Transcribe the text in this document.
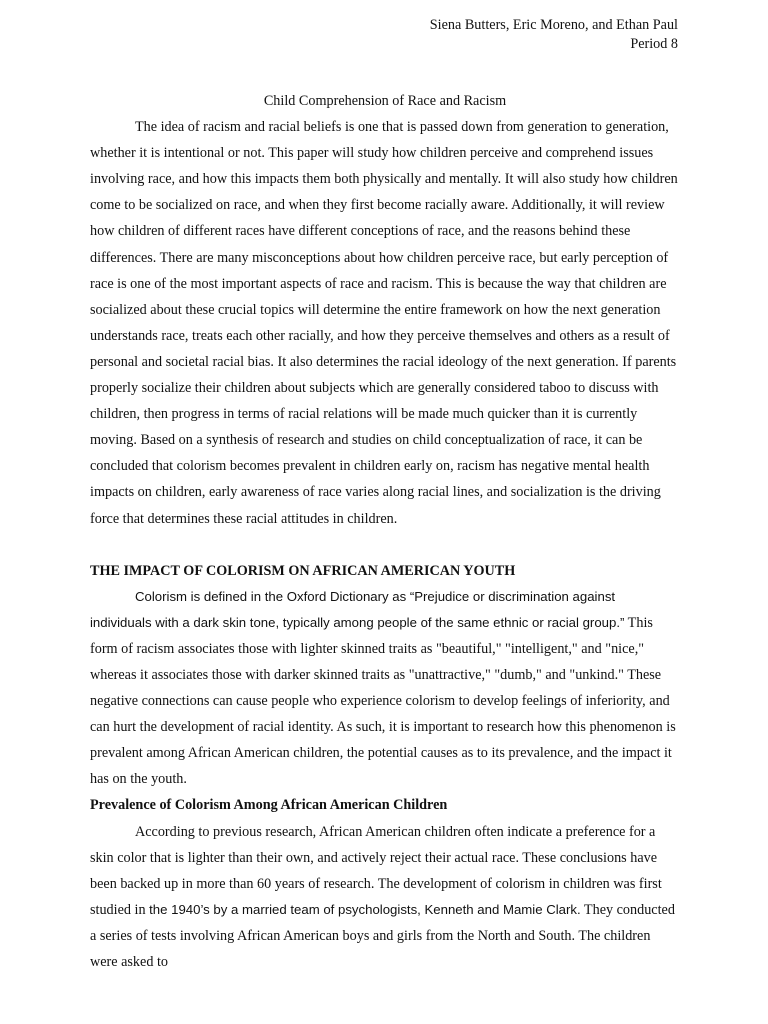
Siena Butters, Eric Moreno, and Ethan Paul
Period 8
Child Comprehension of Race and Racism

The idea of racism and racial beliefs is one that is passed down from generation to generation, whether it is intentional or not. This paper will study how children perceive and comprehend issues involving race, and how this impacts them both physically and mentally. It will also study how children come to be socialized on race, and when they first become racially aware. Additionally, it will review how children of different races have different conceptions of race, and the reasons behind these differences. There are many misconceptions about how children perceive race, but early perception of race is one of the most important aspects of race and racism. This is because the way that children are socialized about these crucial topics will determine the entire framework on how the next generation understands race, treats each other racially, and how they perceive themselves and others as a result of personal and societal racial bias. It also determines the racial ideology of the next generation. If parents properly socialize their children about subjects which are generally considered taboo to discuss with children, then progress in terms of racial relations will be made much quicker than it is currently moving. Based on a synthesis of research and studies on child conceptualization of race, it can be concluded that colorism becomes prevalent in children early on, racism has negative mental health impacts on children, early awareness of race varies along racial lines, and socialization is the driving force that determines these racial attitudes in children.

THE IMPACT OF COLORISM ON AFRICAN AMERICAN YOUTH

Colorism is defined in the Oxford Dictionary as “Prejudice or discrimination against individuals with a dark skin tone, typically among people of the same ethnic or racial group.” This form of racism associates those with lighter skinned traits as "beautiful," "intelligent," and "nice," whereas it associates those with darker skinned traits as "unattractive," "dumb," and "unkind." These negative connections can cause people who experience colorism to develop feelings of inferiority, and can hurt the development of racial identity. As such, it is important to research how this phenomenon is prevalent among African American children, the potential causes as to its prevalence, and the impact it has on the youth.

Prevalence of Colorism Among African American Children

According to previous research, African American children often indicate a preference for a skin color that is lighter than their own, and actively reject their actual race. These conclusions have been backed up in more than 60 years of research. The development of colorism in children was first studied in the 1940’s by a married team of psychologists, Kenneth and Mamie Clark. They conducted a series of tests involving African American boys and girls from the North and South. The children were asked to
